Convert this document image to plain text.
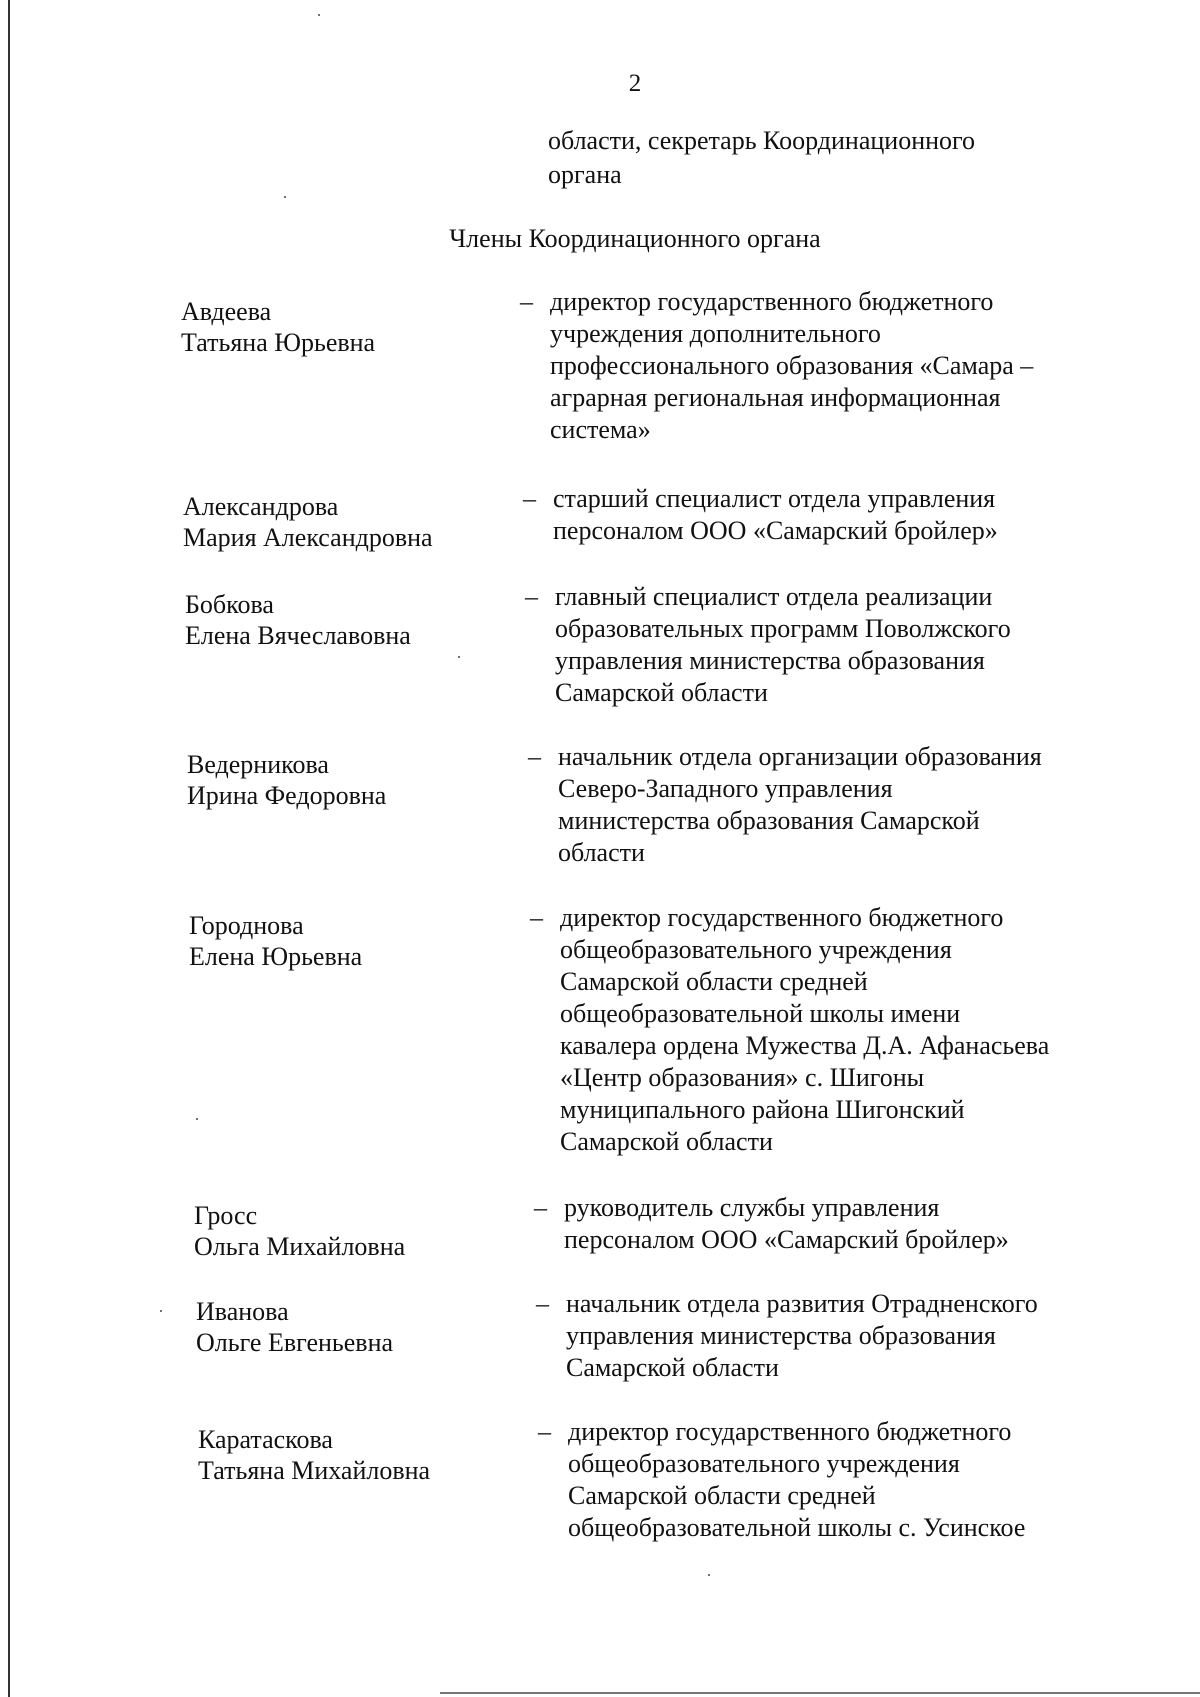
2
области, секретарь Координационного
органа
Члены Координационного органа
Авдеева
Татьяна Юрьевна
– директор государственного бюджетного
учреждения дополнительного
профессионального образования «Самара –
аграрная региональная информационная
система»
Александрова
Мария Александровна
– старший специалист отдела управления
персоналом ООО «Самарский бройлер»
Бобкова
Елена Вячеславовна
– главный специалист отдела реализации
образовательных программ Поволжского
управления министерства образования
Самарской области
Ведерникова
Ирина Федоровна
– начальник отдела организации образования
Северо-Западного управления
министерства образования Самарской
области
Городнова
Елена Юрьевна
– директор государственного бюджетного
общеобразовательного учреждения
Самарской области средней
общеобразовательной школы имени
кавалера ордена Мужества Д.А. Афанасьева
«Центр образования» с. Шигоны
муниципального района Шигонский
Самарской области
Гросс
Ольга Михайловна
– руководитель службы управления
персоналом ООО «Самарский бройлер»
Иванова
Ольге Евгеньевна
– начальник отдела развития Отрадненского
управления министерства образования
Самарской области
Каратаскова
Татьяна Михайловна
– директор государственного бюджетного
общеобразовательного учреждения
Самарской области средней
общеобразовательной школы с. Усинское
